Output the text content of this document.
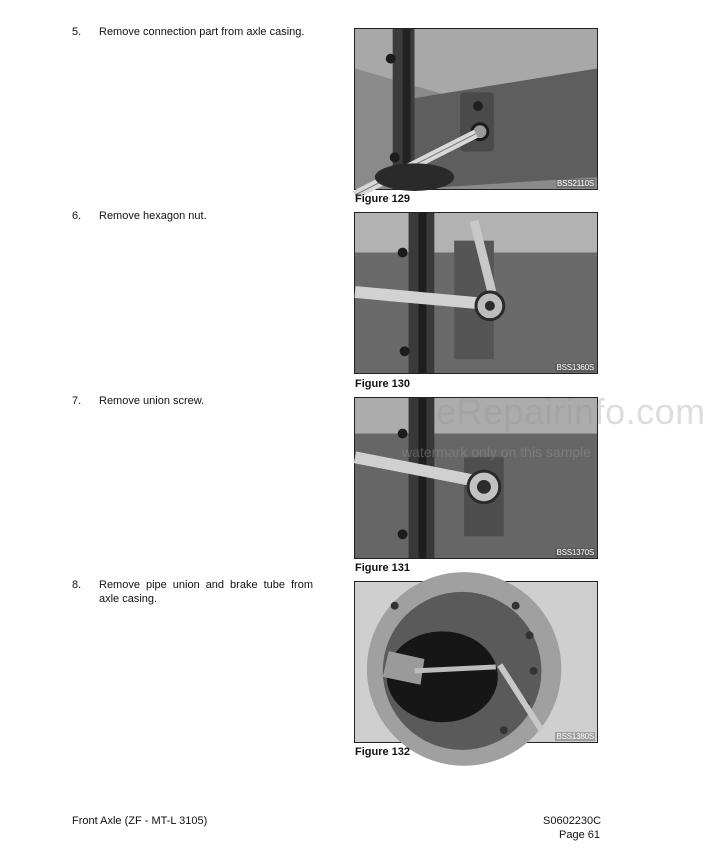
5. Remove connection part from axle casing.
6. Remove hexagon nut.
7. Remove union screw.
8. Remove pipe union and brake tube from axle casing.
BSS2110S
Figure 129
BSS1360S
Figure 130
BSS1370S
Figure 131
BSS1380S
Figure 132
eRepairinfo.com
watermark only on this sample
Front Axle (ZF - MT-L 3105)	S0602230C
Page 61
